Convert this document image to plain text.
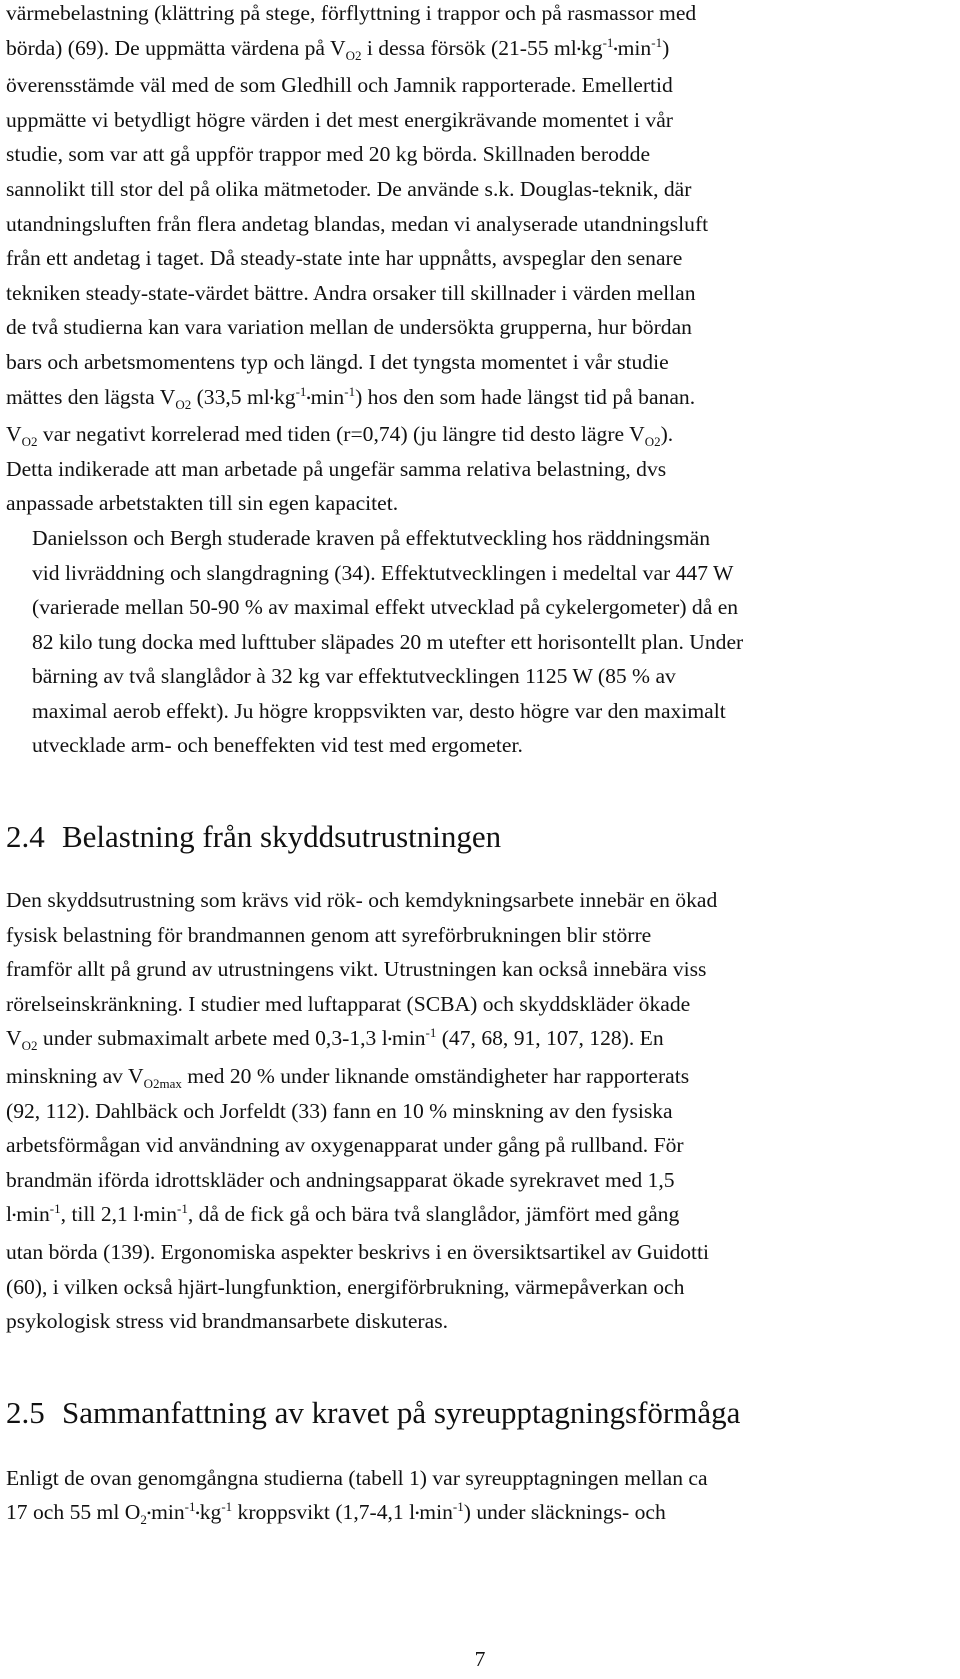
värmebelastning (klättring på stege, förflyttning i trappor och på rasmassor med
börda) (69). De uppmätta värdena på $V_{O2}$ i dessa försök (21-55 $ml•kg^{-1}•\min^{-1}$)
överensstämde väl med de som Gledhill och Jamnik rapporterade. Emellertid
uppmätte vi betydligt högre värden i det mest energikrävande momentet i vår
studie, som var att gå uppför trappor med 20 kg börda. Skillnaden berodde
sannolikt till stor del på olika mätmetoder. De använde s.k. Douglas-teknik, där
utandningsluften från flera andetag blandas, medan vi analyserade utandningsluft
från ett andetag i taget. Då steady-state inte har uppnåtts, avspeglar den senare
tekniken steady-state-värdet bättre. Andra orsaker till skillnader i värden mellan
de två studierna kan vara variation mellan de undersökta grupperna, hur bördan
bars och arbetsmomentens typ och längd. I det tyngsta momentet i vår studie
mättes den lägsta $V_{O2}$ (33,5 $ml•kg^{-1}•\min^{-1}$) hos den som hade längst tid på banan.
$V_{O2}$ var negativt korrelerad med tiden (r=0,74) (ju längre tid desto lägre $V_{O2}$).
Detta indikerade att man arbetade på ungefär samma relativa belastning, dvs
anpassade arbetstakten till sin egen kapacitet.

Danielsson och Bergh studerade kraven på effektutveckling hos räddningsmän
vid livräddning och slangdragning (34). Effektutvecklingen i medeltal var 447 W
(varierade mellan 50-90 % av maximal effekt utvecklad på cykelergometer) då en
82 kilo tung docka med lufttuber släpades 20 m utefter ett horisontellt plan. Under
bärning av två slanglådor à 32 kg var effektutvecklingen 1125 W (85 % av
maximal aerob effekt). Ju högre kroppsvikten var, desto högre var den maximalt
utvecklade arm- och beneffekten vid test med ergometer.

2.4 Belastning från skyddsutrustningen

Den skyddsutrustning som krävs vid rök- och kemdykningsarbete innebär en ökad
fysisk belastning för brandmannen genom att syreförbrukningen blir större
framför allt på grund av utrustningens vikt. Utrustningen kan också innebära viss
rörelseinskränkning. I studier med luftapparat (SCBA) och skyddskläder ökade
$V_{O2}$ under submaximalt arbete med 0,3-1,3 $l•\min^{-1}$ (47, 68, 91, 107, 128). En
minskning av $V_{O2max}$ med 20 % under liknande omständigheter har rapporterats
(92, 112). Dahlbäck och Jorfeldt (33) fann en 10 % minskning av den fysiska
arbetsförmågan vid användning av oxygenapparat under gång på rullband. För
brandmän iförda idrottskläder och andningsapparat ökade syrekravet med 1,5
$l•\min^{-1}$, till 2,1 $l•\min^{-1}$, då de fick gå och bära två slanglådor, jämfört med gång
utan börda (139). Ergonomiska aspekter beskrivs i en översiktsartikel av Guidotti
(60), i vilken också hjärt-lungfunktion, energiförbrukning, värmepåverkan och
psykologisk stress vid brandmansarbete diskuteras.

2.5 Sammanfattning av kravet på syreupptagningsförmåga

Enligt de ovan genomgångna studierna (tabell 1) var syreupptagningen mellan ca
17 och 55 ml $O_2•\min^{-1}•kg^{-1}$ kroppsvikt (1,7-4,1 $l•\min^{-1}$) under släcknings- och

7
